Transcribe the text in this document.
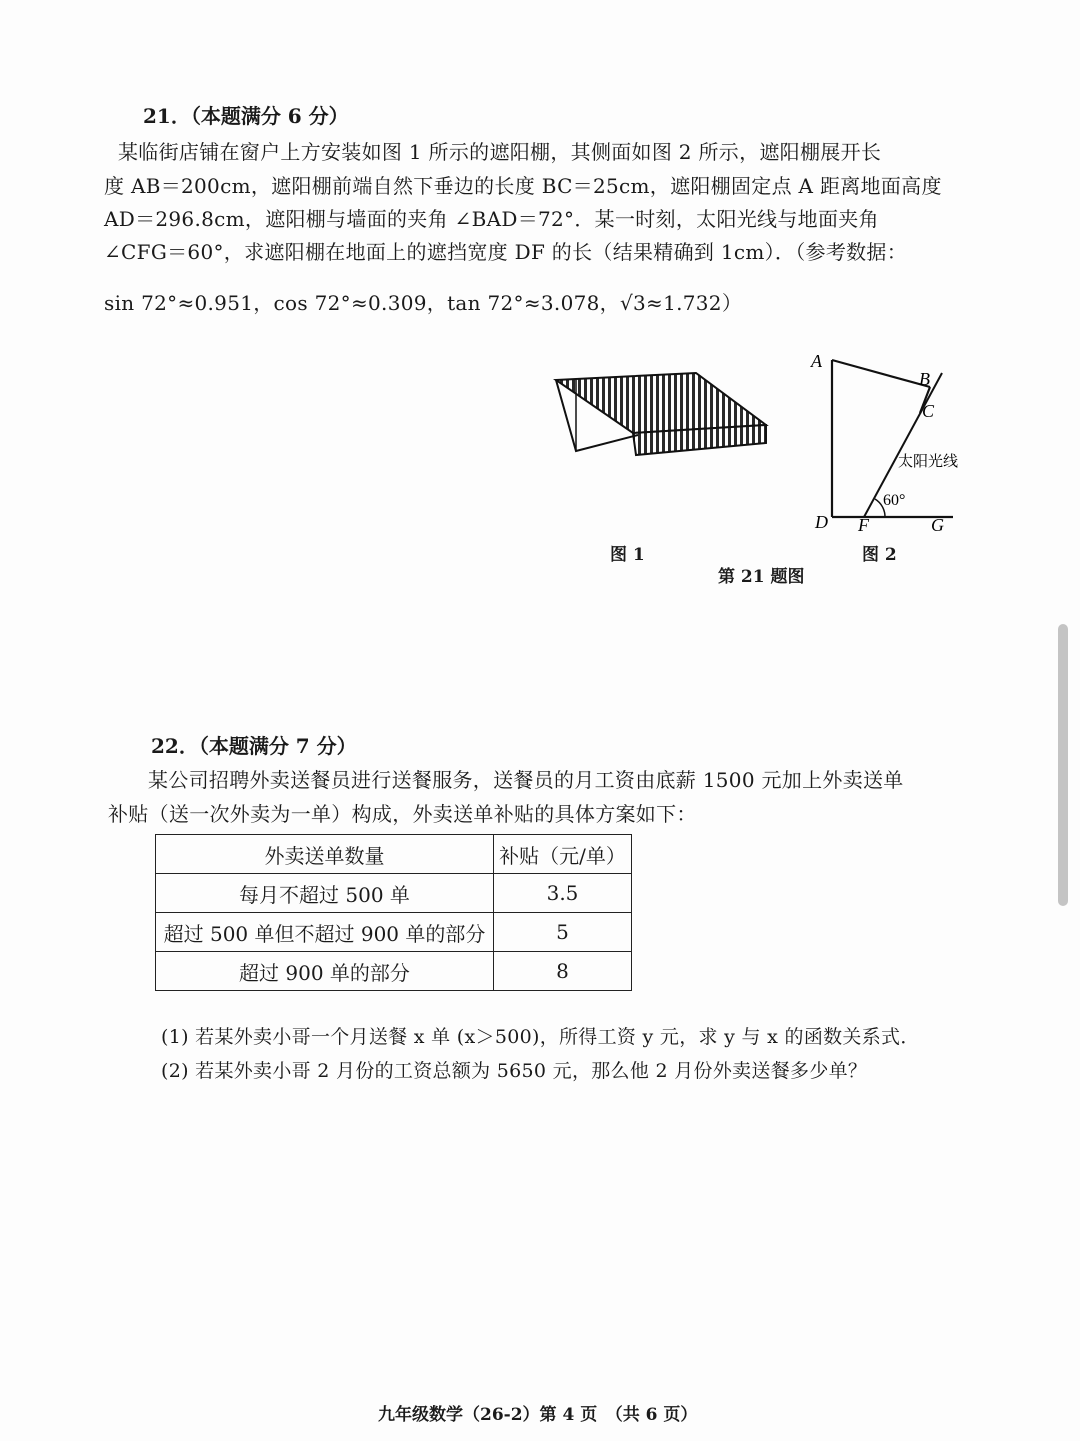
21．（本题满分 6 分）
某临街店铺在窗户上方安装如图 1 所示的遮阳棚，其侧面如图 2 所示，遮阳棚展开长
度 AB＝200cm，遮阳棚前端自然下垂边的长度 BC＝25cm，遮阳棚固定点 A 距离地面高度
AD＝296.8cm，遮阳棚与墙面的夹角 ∠BAD＝72°．某一时刻，太阳光线与地面夹角
∠CFG＝60°，求遮阳棚在地面上的遮挡宽度 DF 的长（结果精确到 1cm）．（参考数据：
sin 72°≈0.951，cos 72°≈0.309，tan 72°≈3.078，√3≈1.732）
A
B
C
D F	G
太阳光线
60°
图 1	图 2
第 21 题图
22．（本题满分 7 分）
某公司招聘外卖送餐员进行送餐服务，送餐员的月工资由底薪 1500 元加上外卖送单
补贴（送一次外卖为一单）构成，外卖送单补贴的具体方案如下：
外卖送单数量	补贴（元/单）
每月不超过 500 单	3.5
超过 500 单但不超过 900 单的部分	5
超过 900 单的部分	8
(1) 若某外卖小哥一个月送餐 x 单 (x＞500)，所得工资 y 元，求 y 与 x 的函数关系式．
(2) 若某外卖小哥 2 月份的工资总额为 5650 元，那么他 2 月份外卖送餐多少单？
九年级数学（26-2）第 4 页　（共 6 页）
